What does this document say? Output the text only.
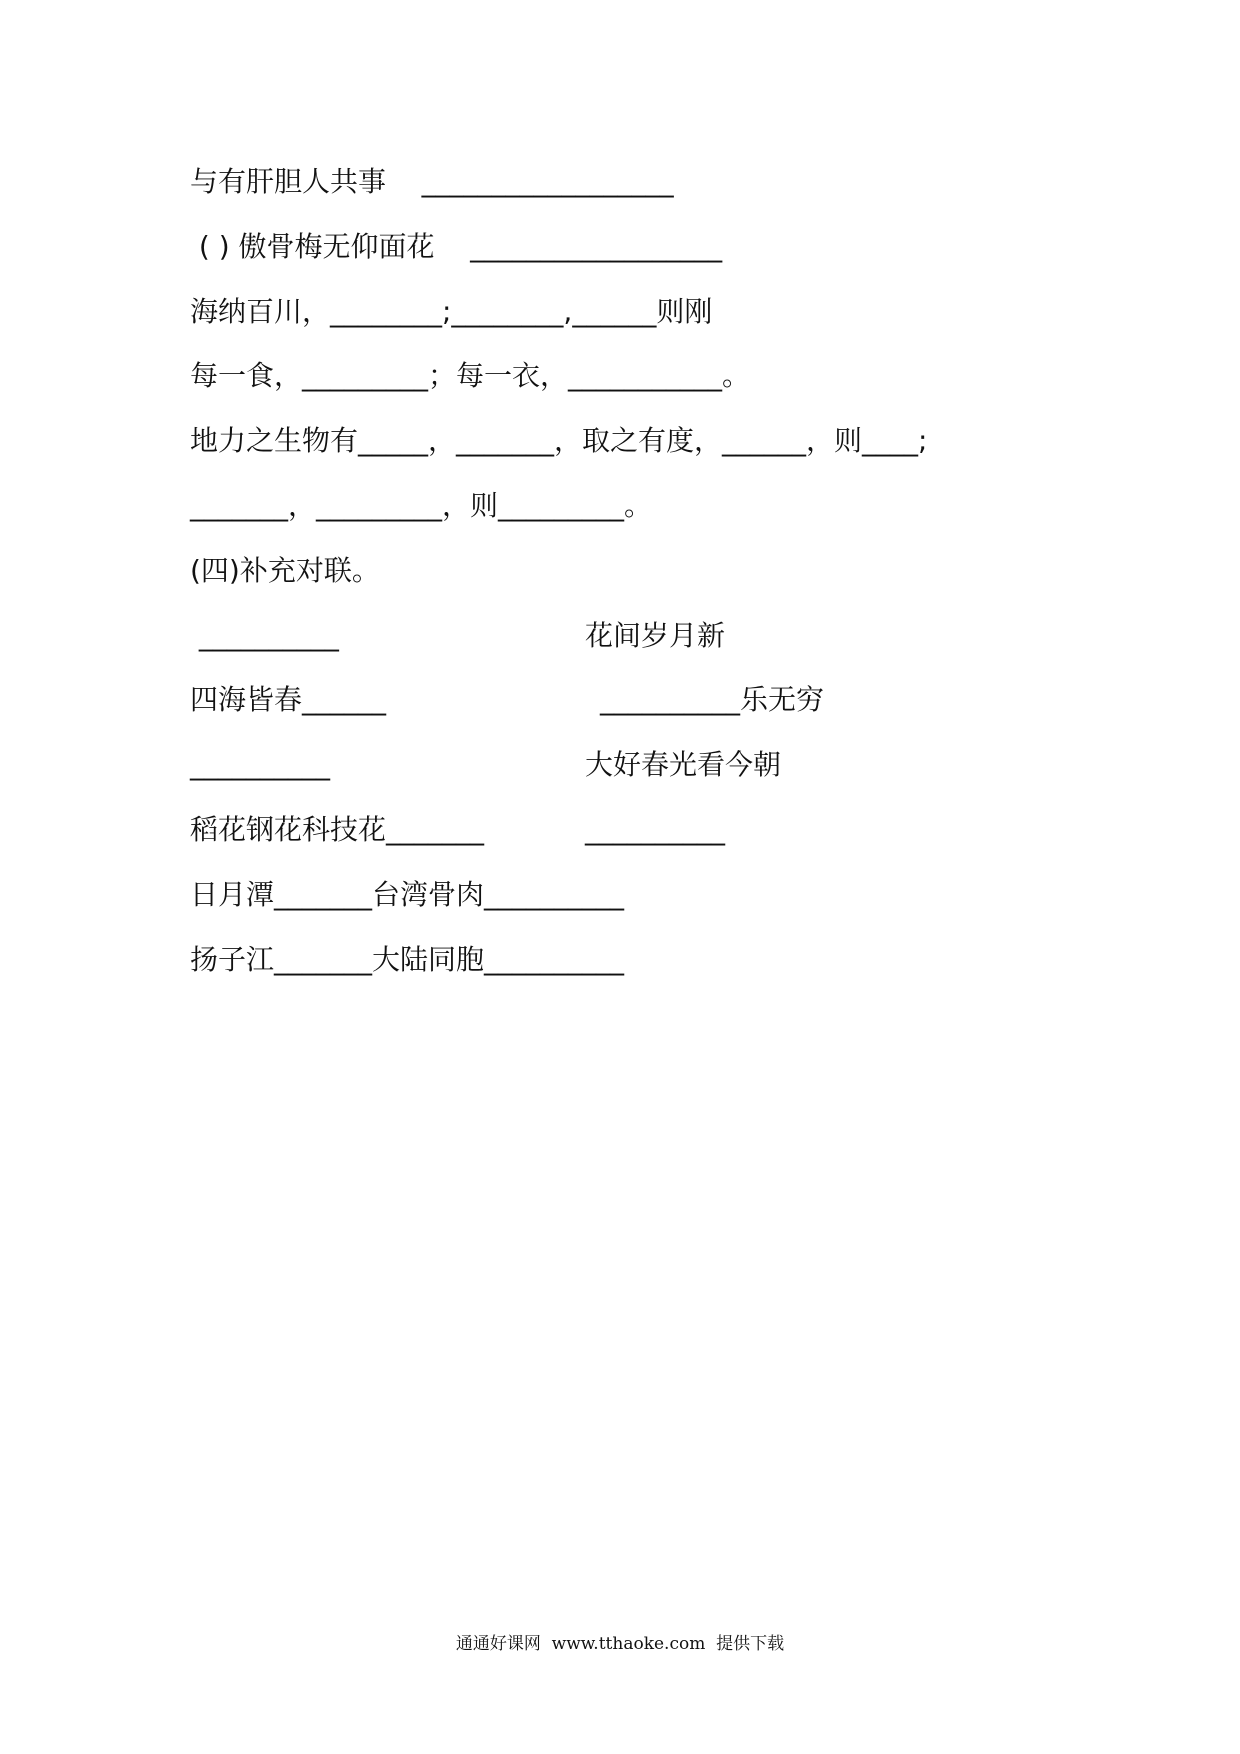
与有肝胆人共事    __________________
( ) 傲骨梅无仰面花    __________________
海纳百川，________;________,______则刚
每一食，_________；每一衣，___________。
地力之生物有_____，_______，取之有度，______，则____;
_______，_________，则_________。
(四)补充对联。
__________	花间岁月新
四海皆春______	__________乐无穷
__________	大好春光看今朝
稻花钢花科技花_______	__________
日月潭_______台湾骨肉__________
扬子江_______大陆同胞__________
通通好课网  www.tthaoke.com  提供下载
